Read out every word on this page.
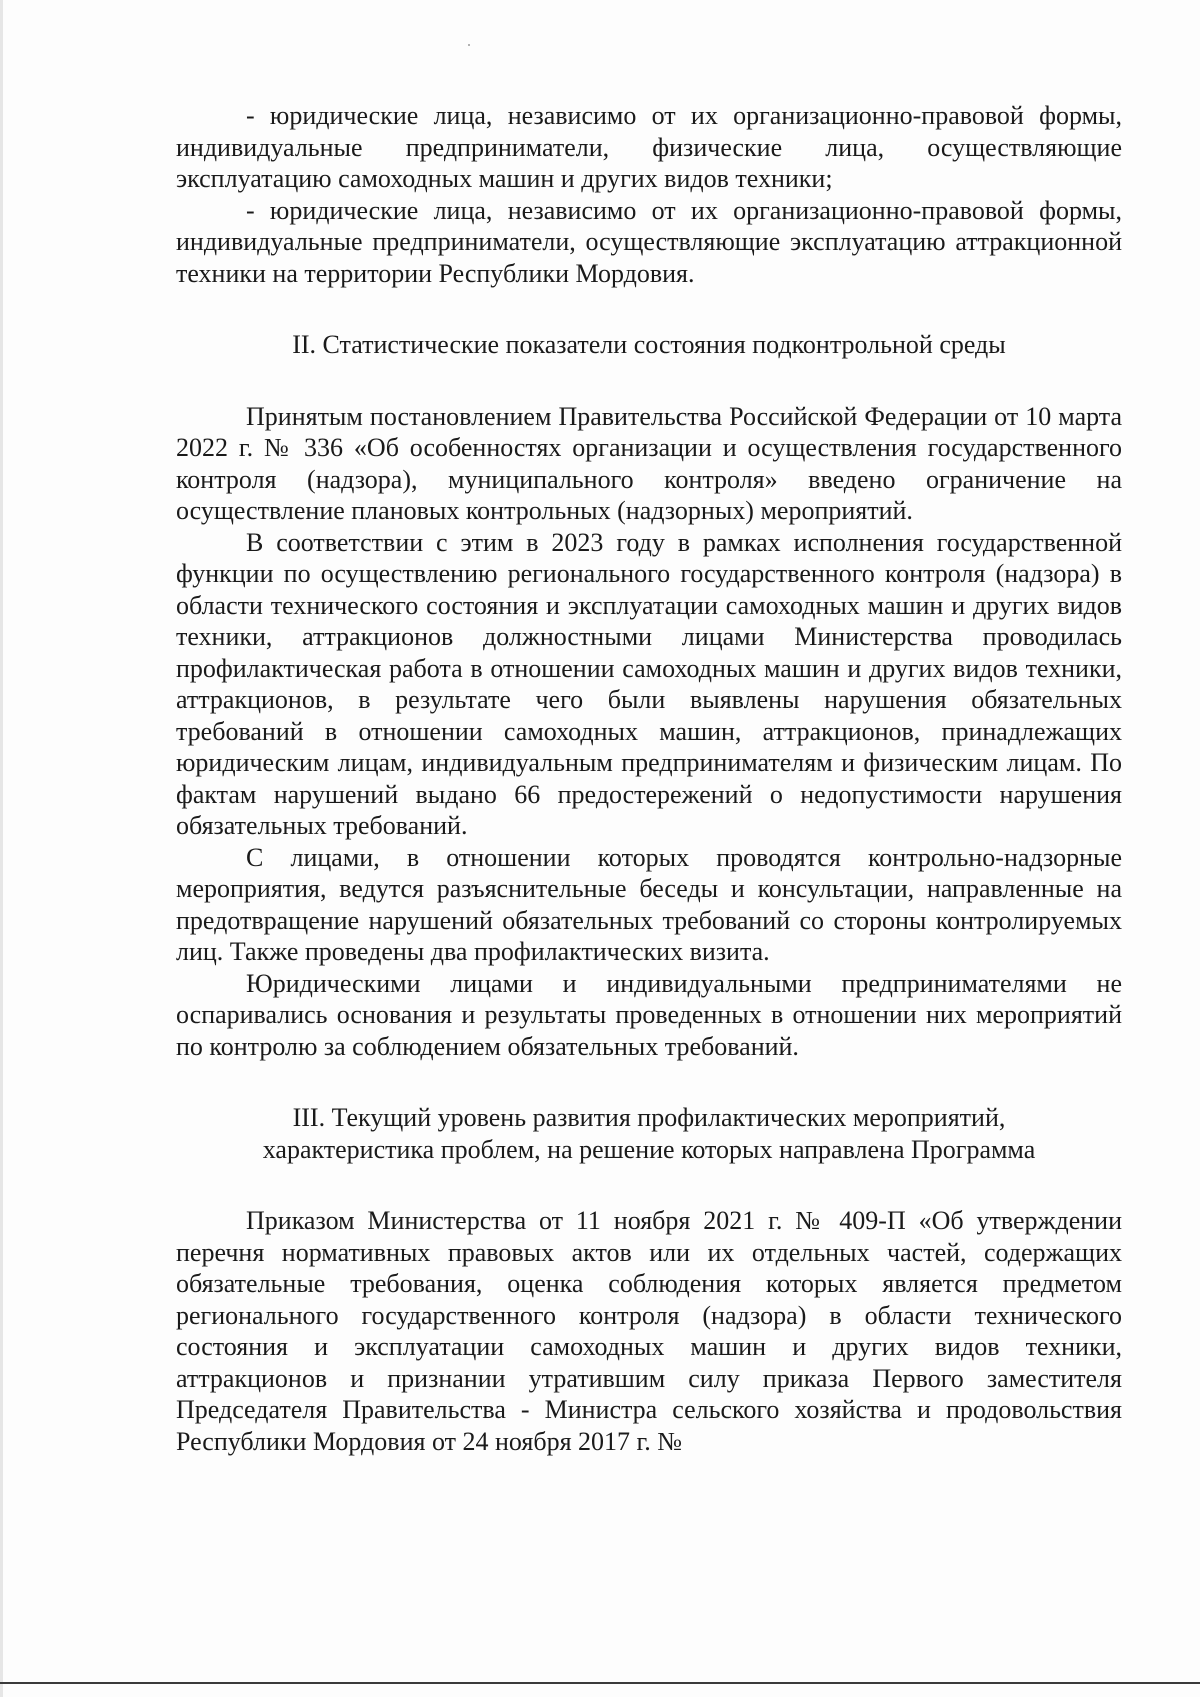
- юридические лица, независимо от их организационно-правовой формы, индивидуальные предприниматели, физические лица, осуществляющие эксплуатацию самоходных машин и других видов техники;

- юридические лица, независимо от их организационно-правовой формы, индивидуальные предприниматели, осуществляющие эксплуатацию аттракционной техники на территории Республики Мордовия.

II. Статистические показатели состояния подконтрольной среды

Принятым постановлением Правительства Российской Федерации от 10 марта 2022 г. № 336 «Об особенностях организации и осуществления государственного контроля (надзора), муниципального контроля» введено ограничение на осуществление плановых контрольных (надзорных) мероприятий.

В соответствии с этим в 2023 году в рамках исполнения государственной функции по осуществлению регионального государственного контроля (надзора) в области технического состояния и эксплуатации самоходных машин и других видов техники, аттракционов должностными лицами Министерства проводилась профилактическая работа в отношении самоходных машин и других видов техники, аттракционов, в результате чего были выявлены нарушения обязательных требований в отношении самоходных машин, аттракционов, принадлежащих юридическим лицам, индивидуальным предпринимателям и физическим лицам. По фактам нарушений выдано 66 предостережений о недопустимости нарушения обязательных требований.

С лицами, в отношении которых проводятся контрольно-надзорные мероприятия, ведутся разъяснительные беседы и консультации, направленные на предотвращение нарушений обязательных требований со стороны контролируемых лиц. Также проведены два профилактических визита.

Юридическими лицами и индивидуальными предпринимателями не оспаривались основания и результаты проведенных в отношении них мероприятий по контролю за соблюдением обязательных требований.

III. Текущий уровень развития профилактических мероприятий,

характеристика проблем, на решение которых направлена Программа

Приказом Министерства от 11 ноября 2021 г. № 409-П «Об утверждении перечня нормативных правовых актов или их отдельных частей, содержащих обязательные требования, оценка соблюдения которых является предметом регионального государственного контроля (надзора) в области технического состояния и эксплуатации самоходных машин и других видов техники, аттракционов и признании утратившим силу приказа Первого заместителя Председателя Правительства - Министра сельского хозяйства и продовольствия Республики Мордовия от 24 ноября 2017 г. №
